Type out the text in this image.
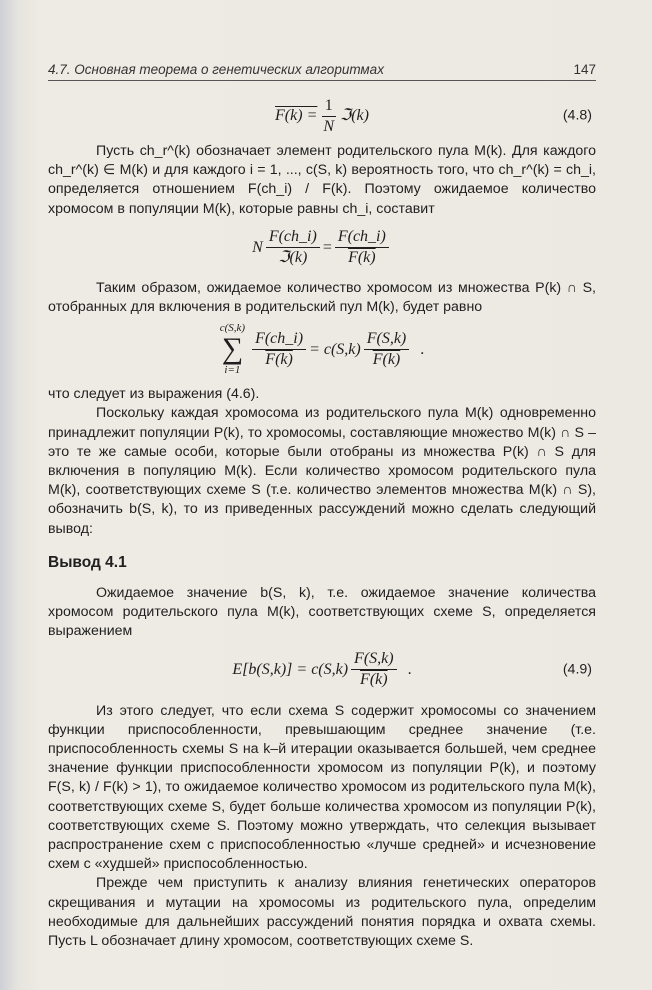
4.7. Основная теорема о генетических алгоритмах	147
$F(k) = \frac{1}{N}$ ℑ(k)	(4.8)

Пусть ch_r^(k) обозначает элемент родительского пула M(k). Для каждого ch_r^(k) ∈ M(k) и для каждого i = 1, ..., c(S, k) вероятность того, что ch_r^(k) = ch_i, определяется отношением F(ch_i) / F(k). Поэтому ожидаемое количество хромосом в популяции M(k), которые равны ch_i, составит

N $\frac{F(ch\_i)}{\text{ℑ(k)}} = \frac{F(ch\_i)}{F(k)}$

Таким образом, ожидаемое количество хромосом из множества P(k) ∩ S, отобранных для включения в родительский пул M(k), будет равно

c(S,k)
∑
i=1
$\frac{F(ch\_i)}{F(k)} = c(S,k) \frac{F(S,k)}{F(k)}$ .

что следует из выражения (4.6).

Поскольку каждая хромосома из родительского пула M(k) одновременно принадлежит популяции P(k), то хромосомы, составляющие множество M(k) ∩ S – это те же самые особи, которые были отобраны из множества P(k) ∩ S для включения в популяцию M(k). Если количество хромосом родительского пула M(k), соответствующих схеме S (т.е. количество элементов множества M(k) ∩ S), обозначить b(S, k), то из приведенных рассуждений можно сделать следующий вывод:

Вывод 4.1

Ожидаемое значение b(S, k), т.е. ожидаемое значение количества хромосом родительского пула M(k), соответствующих схеме S, определяется выражением

$E[b(S,k)] = c(S,k) \frac{F(S,k)}{F(k)}$ .	(4.9)

Из этого следует, что если схема S содержит хромосомы со значением функции приспособленности, превышающим среднее значение (т.е. приспособленность схемы S на k–й итерации оказывается большей, чем среднее значение функции приспособленности хромосом из популяции P(k), и поэтому F(S, k) / F(k) > 1), то ожидаемое количество хромосом из родительского пула M(k), соответствующих схеме S, будет больше количества хромосом из популяции P(k), соответствующих схеме S. Поэтому можно утверждать, что селекция вызывает распространение схем с приспособленностью «лучше средней» и исчезновение схем с «худшей» приспособленностью.

Прежде чем приступить к анализу влияния генетических операторов скрещивания и мутации на хромосомы из родительского пула, определим необходимые для дальнейших рассуждений понятия порядка и охвата схемы. Пусть L обозначает длину хромосом, соответствующих схеме S.
